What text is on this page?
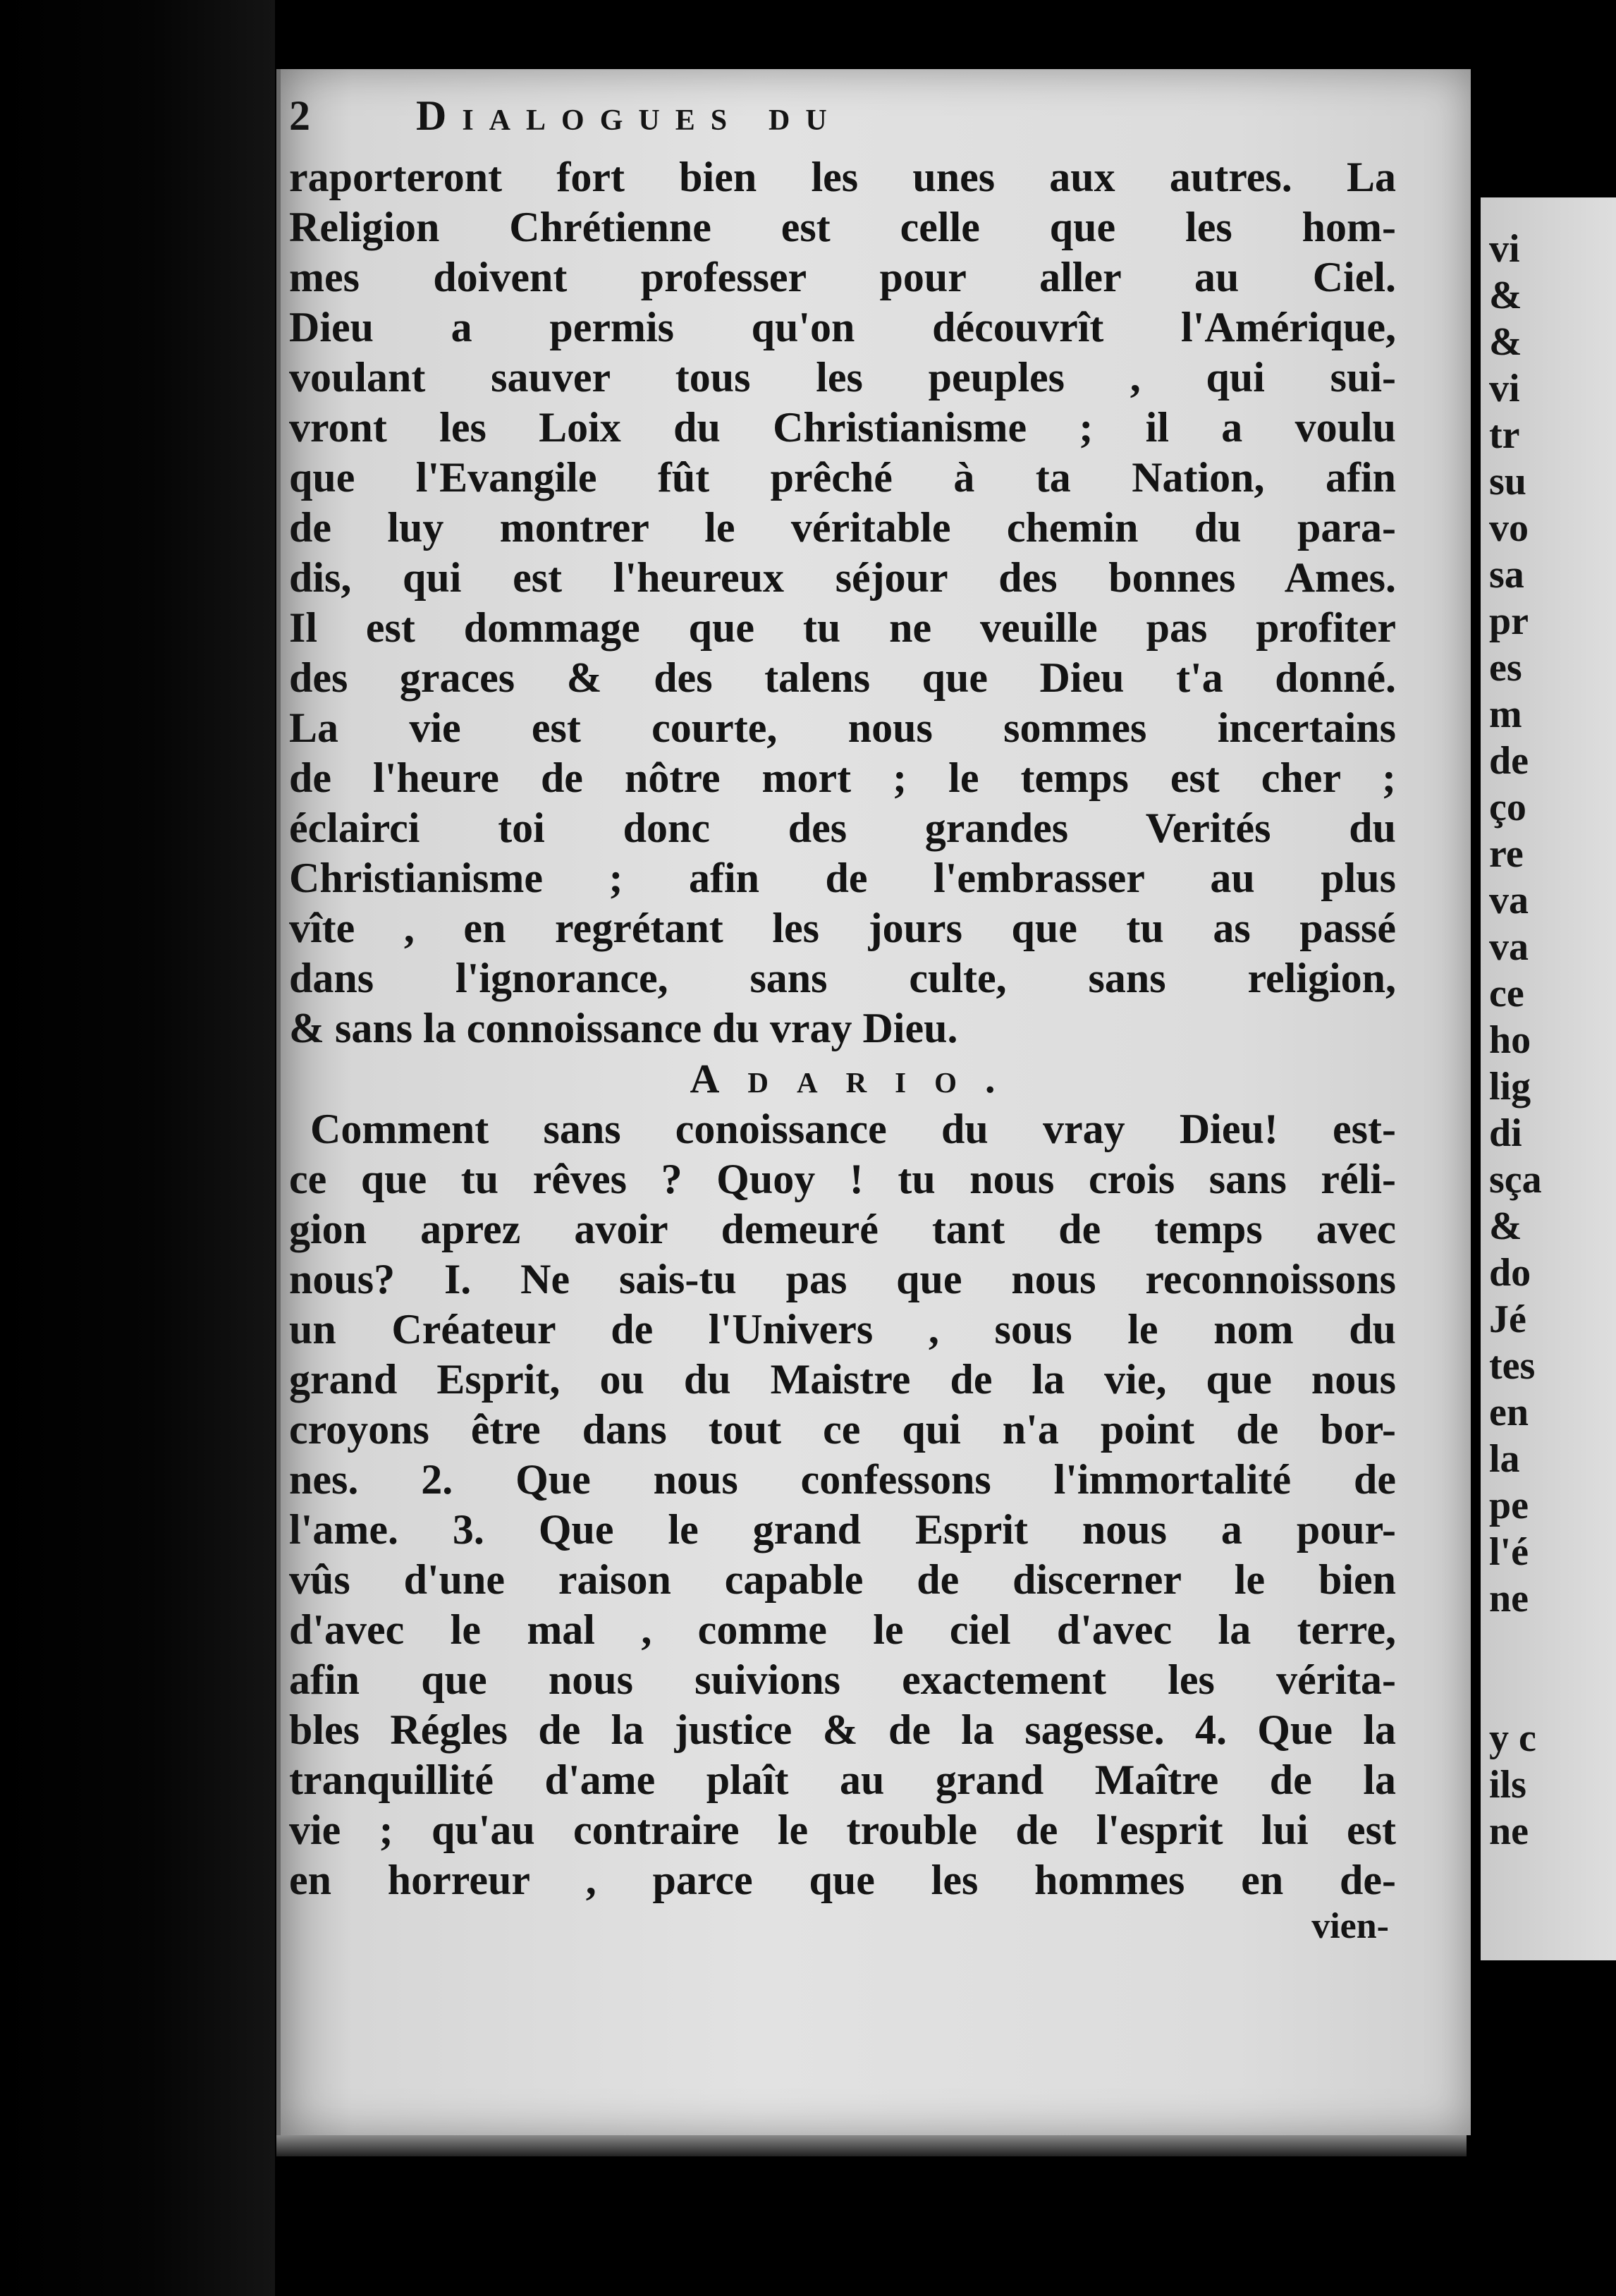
2	Dialogues du
raporteront fort bien les unes aux autres. La
Religion Chrétienne est celle que les hom-
mes doivent professer pour aller au Ciel.
Dieu a permis qu'on découvrît l'Amérique,
voulant sauver tous les peuples , qui sui-
vront les Loix du Christianisme ; il a voulu
que l'Evangile fût prêché à ta Nation, afin
de luy montrer le véritable chemin du para-
dis, qui est l'heureux séjour des bonnes Ames.
Il est dommage que tu ne veuille pas profiter
des graces & des talens que Dieu t'a donné.
La vie est courte, nous sommes incertains
de l'heure de nôtre mort ; le temps est cher ;
éclairci toi donc des grandes Verités du
Christianisme ; afin de l'embrasser au plus
vîte , en regrétant les jours que tu as passé
dans l'ignorance, sans culte, sans religion,
& sans la connoissance du vray Dieu.
Adario.
Comment sans conoissance du vray Dieu! est-
ce que tu rêves ? Quoy ! tu nous crois sans réli-
gion aprez avoir demeuré tant de temps avec
nous? I. Ne sais-tu pas que nous reconnoissons
un Créateur de l'Univers , sous le nom du
grand Esprit, ou du Maistre de la vie, que nous
croyons être dans tout ce qui n'a point de bor-
nes. 2. Que nous confessons l'immortalité de
l'ame. 3. Que le grand Esprit nous a pour-
vûs d'une raison capable de discerner le bien
d'avec le mal , comme le ciel d'avec la terre,
afin que nous suivions exactement les vérita-
bles Régles de la justice & de la sagesse. 4. Que la
tranquillité d'ame plaît au grand Maître de la
vie ; qu'au contraire le trouble de l'esprit lui est
en horreur , parce que les hommes en de-
vien-
vi
&
&
vi
tr
su
vo
sa
pr
es
m
de
ço
re
va
va
ce
ho
lig
di
sça
&
do
Jé
tes
en
la
pe
l'é
ne
y c
ils
ne
